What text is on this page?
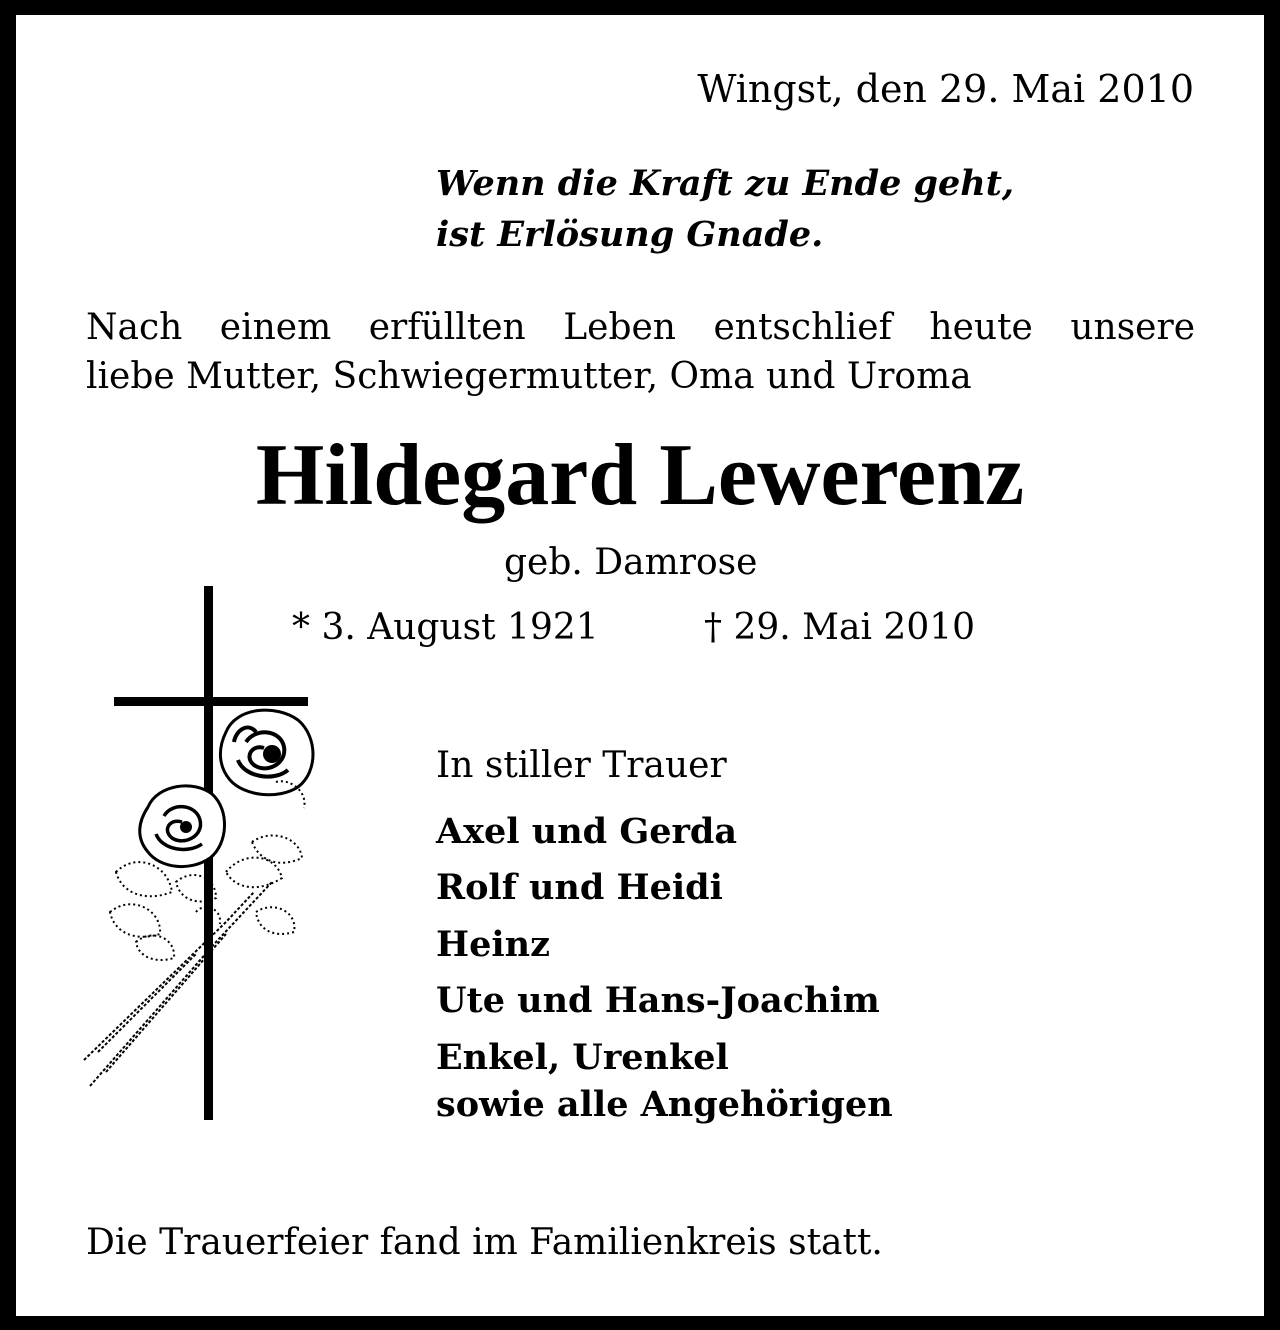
Wingst, den 29. Mai 2010

Wenn die Kraft zu Ende geht,

ist Erlösung Gnade.

Nach einem erfüllten Leben entschlief heute unsere

liebe Mutter, Schwiegermutter, Oma und Uroma

Hildegard Lewerenz

geb. Damrose

* 3. August 1921	† 29. Mai 2010

In stiller Trauer

Axel und Gerda

Rolf und Heidi

Heinz

Ute und Hans-Joachim

Enkel, Urenkel

sowie alle Angehörigen

Die Trauerfeier fand im Familienkreis statt.
